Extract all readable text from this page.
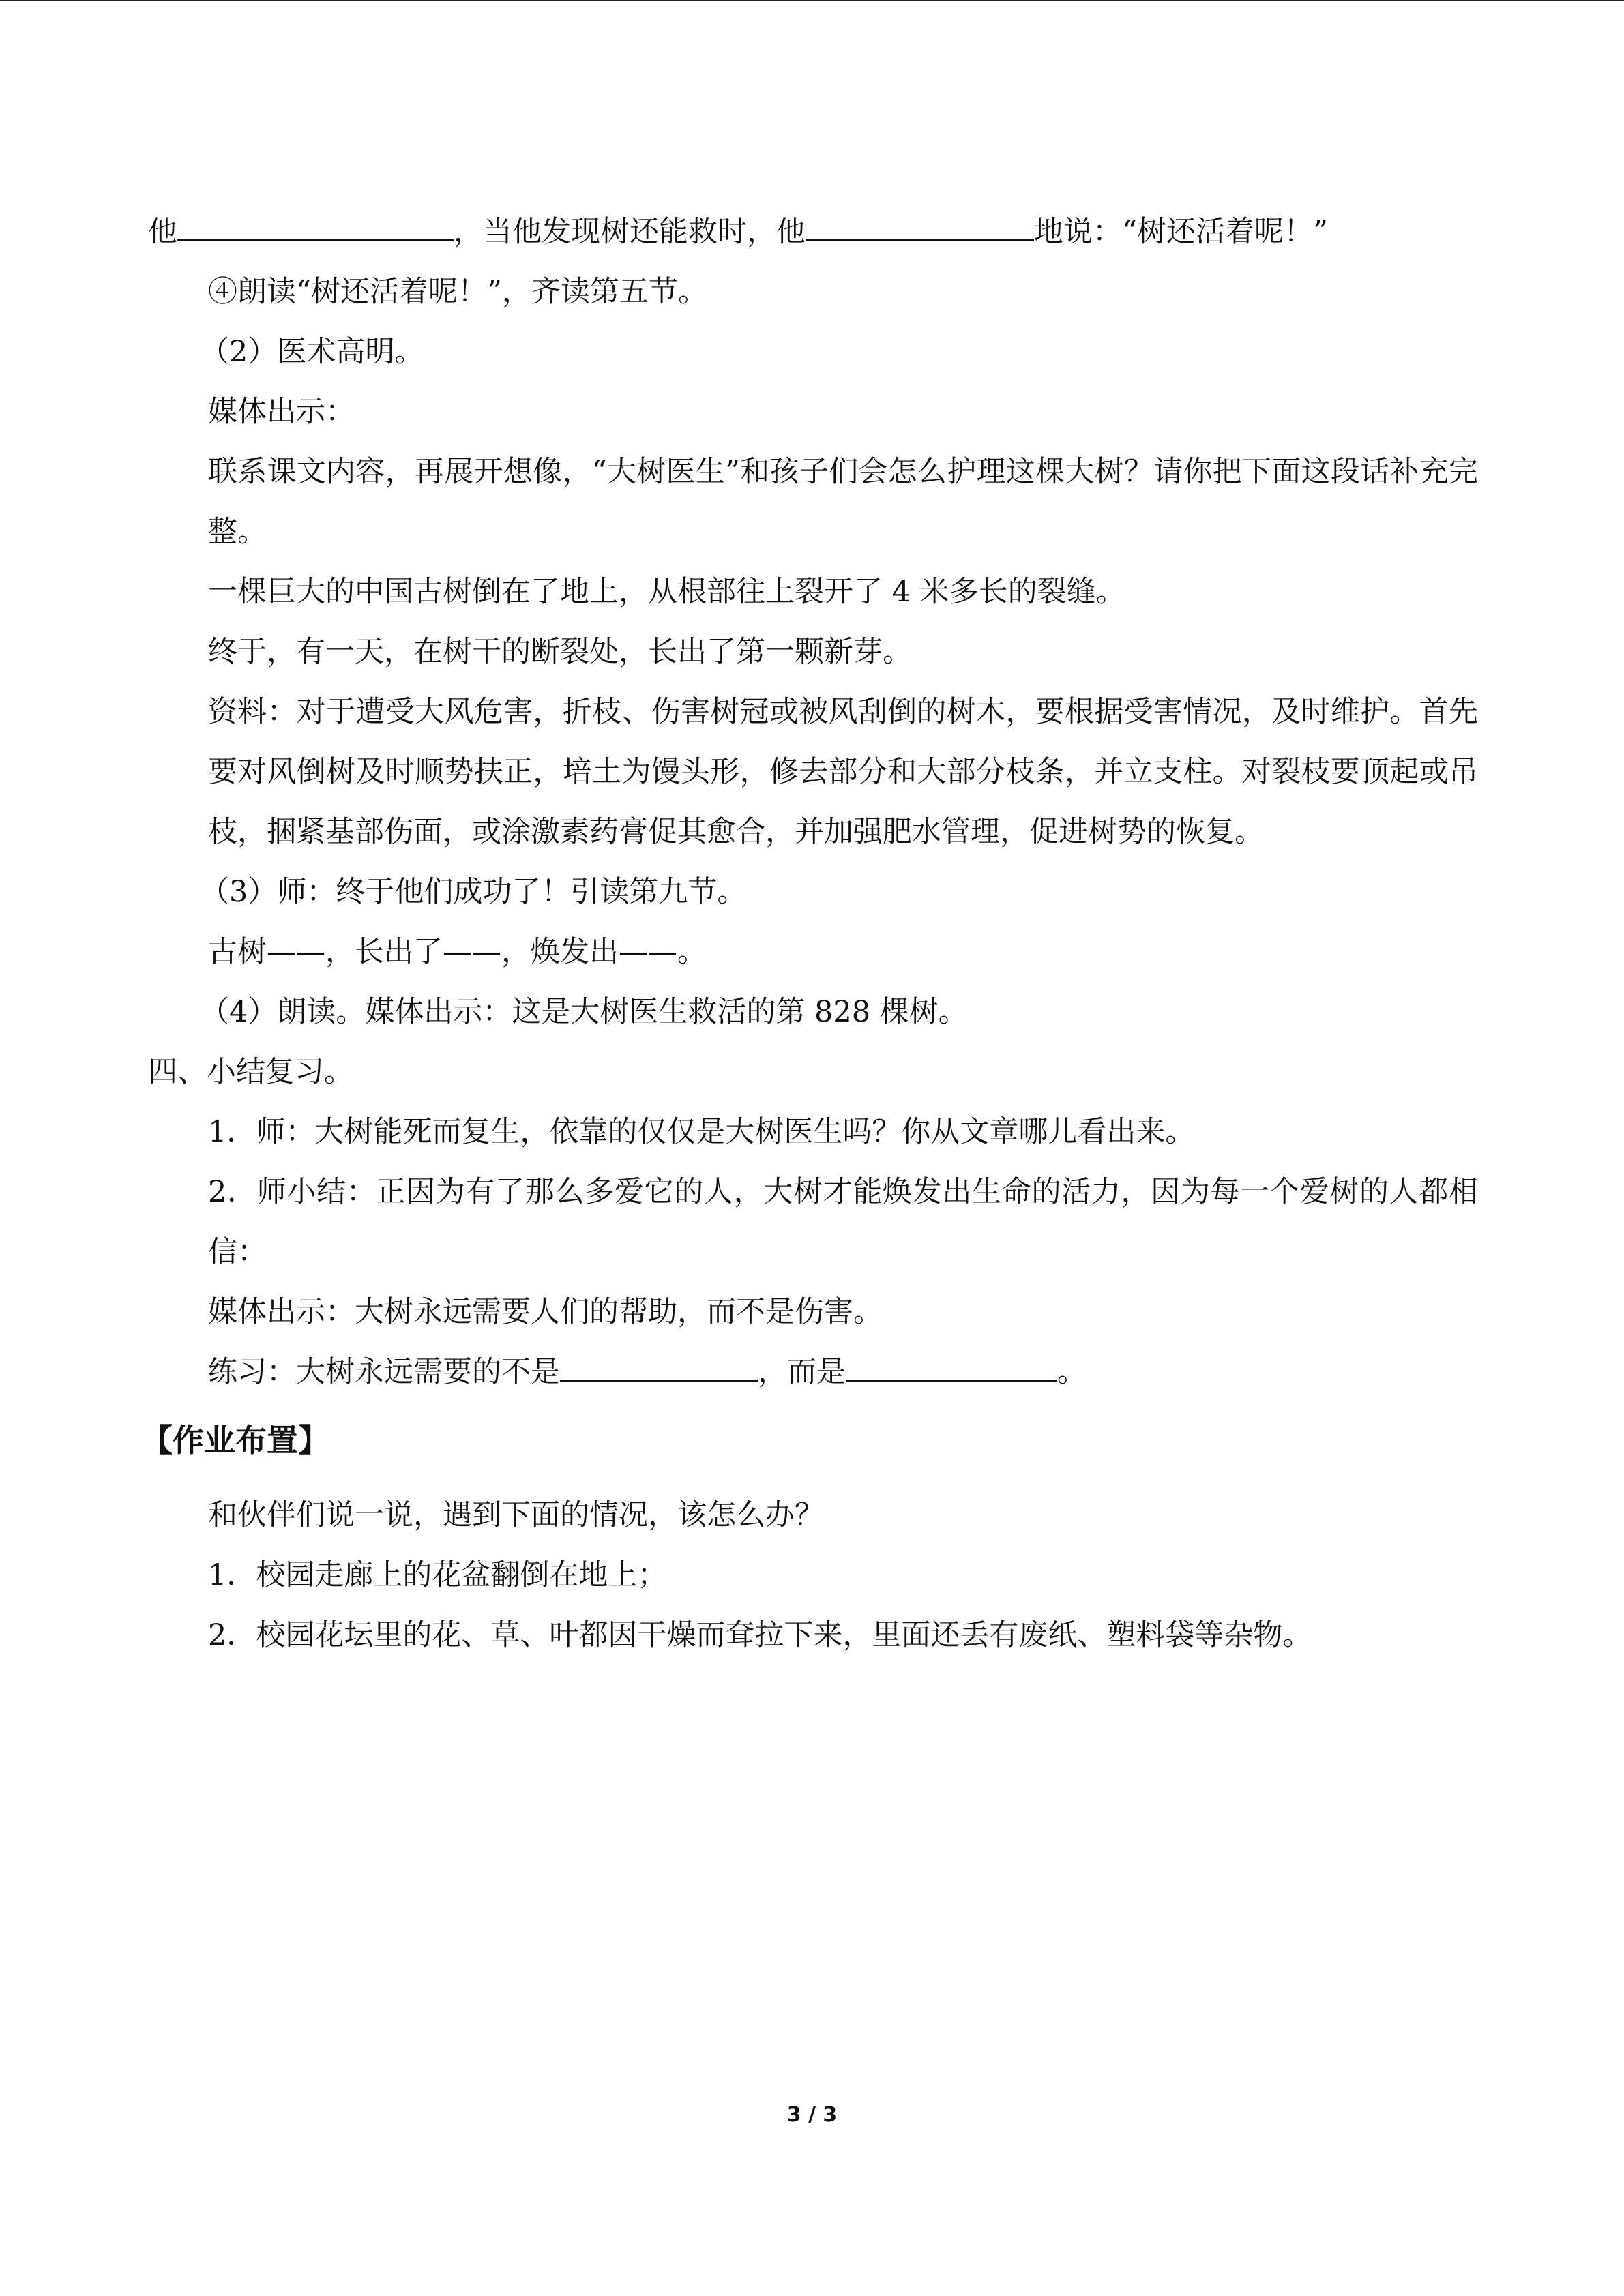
他	，当他发现树还能救时，他	地说：“树还活着呢！”

④朗读“树还活着呢！”，齐读第五节。

（2）医术高明。

媒体出示：

联系课文内容，再展开想像，“大树医生”和孩子们会怎么护理这棵大树？请你把下面这段话补充完整。

一棵巨大的中国古树倒在了地上，从根部往上裂开了 4 米多长的裂缝。

终于，有一天，在树干的断裂处，长出了第一颗新芽。

资料：对于遭受大风危害，折枝、伤害树冠或被风刮倒的树木，要根据受害情况，及时维护。首先要对风倒树及时顺势扶正，培土为馒头形，修去部分和大部分枝条，并立支柱。对裂枝要顶起或吊枝，捆紧基部伤面，或涂激素药膏促其愈合，并加强肥水管理，促进树势的恢复。

（3）师：终于他们成功了！引读第九节。

古树——，长出了——，焕发出——。

（4）朗读。媒体出示：这是大树医生救活的第 828 棵树。

四、小结复习。

1．师：大树能死而复生，依靠的仅仅是大树医生吗？你从文章哪儿看出来。

2．师小结：正因为有了那么多爱它的人，大树才能焕发出生命的活力，因为每一个爱树的人都相信：

媒体出示：大树永远需要人们的帮助，而不是伤害。

练习：大树永远需要的不是	，而是	。

【作业布置】

和伙伴们说一说，遇到下面的情况，该怎么办？

1．校园走廊上的花盆翻倒在地上；

2．校园花坛里的花、草、叶都因干燥而耷拉下来，里面还丢有废纸、塑料袋等杂物。

3 / 3
